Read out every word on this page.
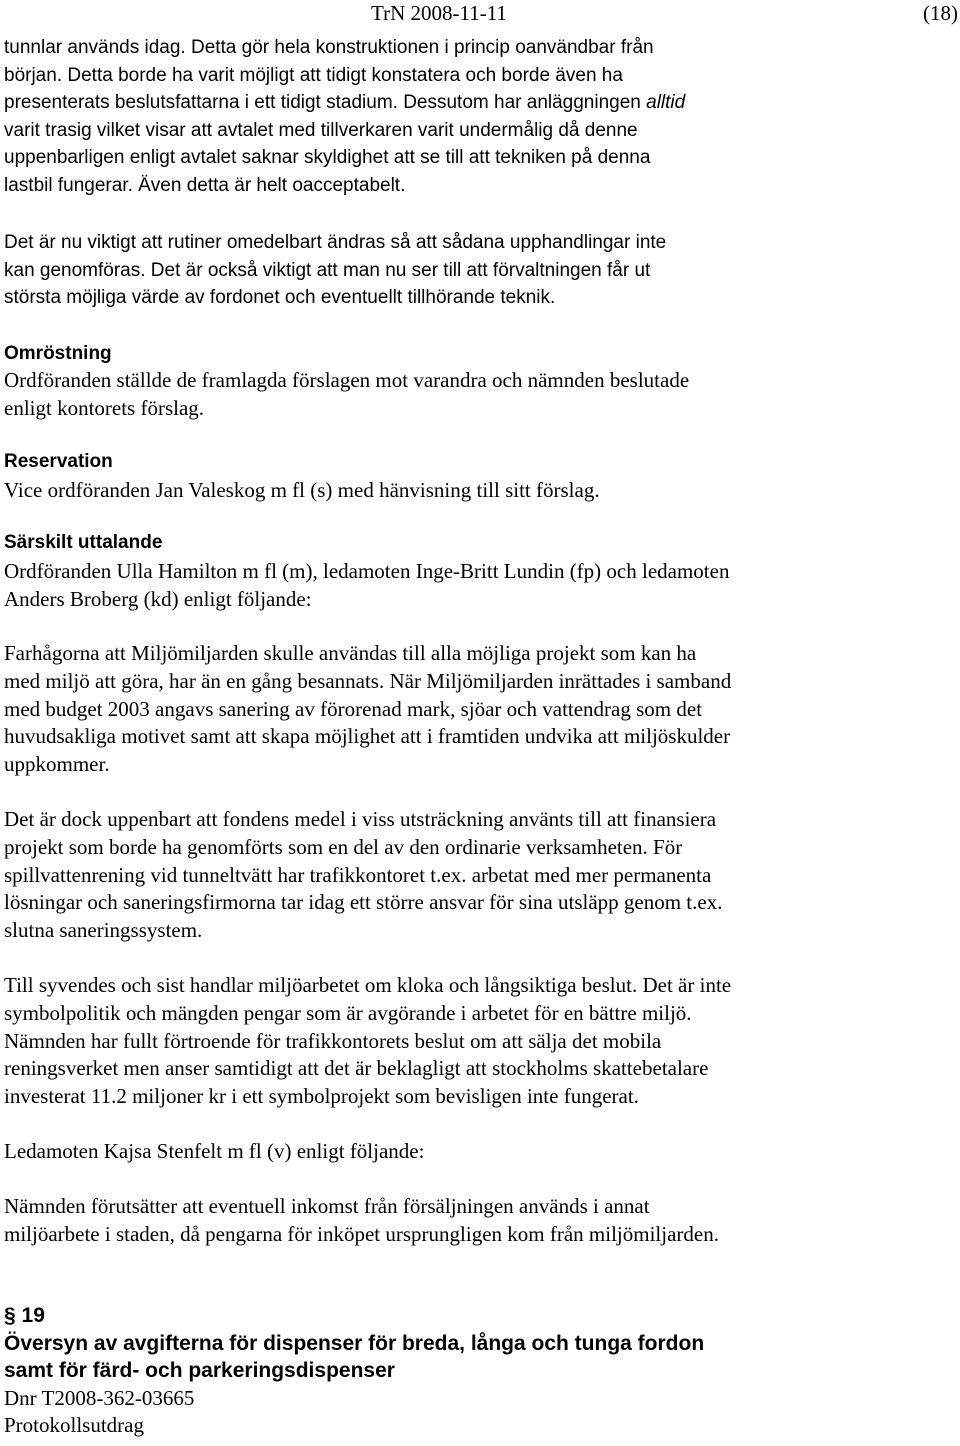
TrN 2008-11-11	(18)
tunnlar används idag. Detta gör hela konstruktionen i princip oanvändbar från
början. Detta borde ha varit möjligt att tidigt konstatera och borde även ha
presenterats beslutsfattarna i ett tidigt stadium. Dessutom har anläggningen alltid
varit trasig vilket visar att avtalet med tillverkaren varit undermålig då denne
uppenbarligen enligt avtalet saknar skyldighet att se till att tekniken på denna
lastbil fungerar. Även detta är helt oacceptabelt.
Det är nu viktigt att rutiner omedelbart ändras så att sådana upphandlingar inte
kan genomföras. Det är också viktigt att man nu ser till att förvaltningen får ut
största möjliga värde av fordonet och eventuellt tillhörande teknik.
Omröstning
Ordföranden ställde de framlagda förslagen mot varandra och nämnden beslutade
enligt kontorets förslag.
Reservation
Vice ordföranden Jan Valeskog m fl (s) med hänvisning till sitt förslag.
Särskilt uttalande
Ordföranden Ulla Hamilton m fl (m), ledamoten Inge-Britt Lundin (fp) och ledamoten
Anders Broberg (kd) enligt följande:
Farhågorna att Miljömiljarden skulle användas till alla möjliga projekt som kan ha
med miljö att göra, har än en gång besannats. När Miljömiljarden inrättades i samband
med budget 2003 angavs sanering av förorenad mark, sjöar och vattendrag som det
huvudsakliga motivet samt att skapa möjlighet att i framtiden undvika att miljöskulder
uppkommer.
Det är dock uppenbart att fondens medel i viss utsträckning använts till att finansiera
projekt som borde ha genomförts som en del av den ordinarie verksamheten. För
spillvattenrening vid tunneltvätt har trafikkontoret t.ex. arbetat med mer permanenta
lösningar och saneringsfirmorna tar idag ett större ansvar för sina utsläpp genom t.ex.
slutna saneringssystem.
Till syvendes och sist handlar miljöarbetet om kloka och långsiktiga beslut. Det är inte
symbolpolitik och mängden pengar som är avgörande i arbetet för en bättre miljö.
Nämnden har fullt förtroende för trafikkontorets beslut om att sälja det mobila
reningsverket men anser samtidigt att det är beklagligt att stockholms skattebetalare
investerat 11.2 miljoner kr i ett symbolprojekt som bevisligen inte fungerat.
Ledamoten Kajsa Stenfelt m fl (v) enligt följande:
Nämnden förutsätter att eventuell inkomst från försäljningen används i annat
miljöarbete i staden, då pengarna för inköpet ursprungligen kom från miljömiljarden.
§ 19
Översyn av avgifterna för dispenser för breda, långa och tunga fordon
samt för färd- och parkeringsdispenser
Dnr T2008-362-03665
Protokollsutdrag
